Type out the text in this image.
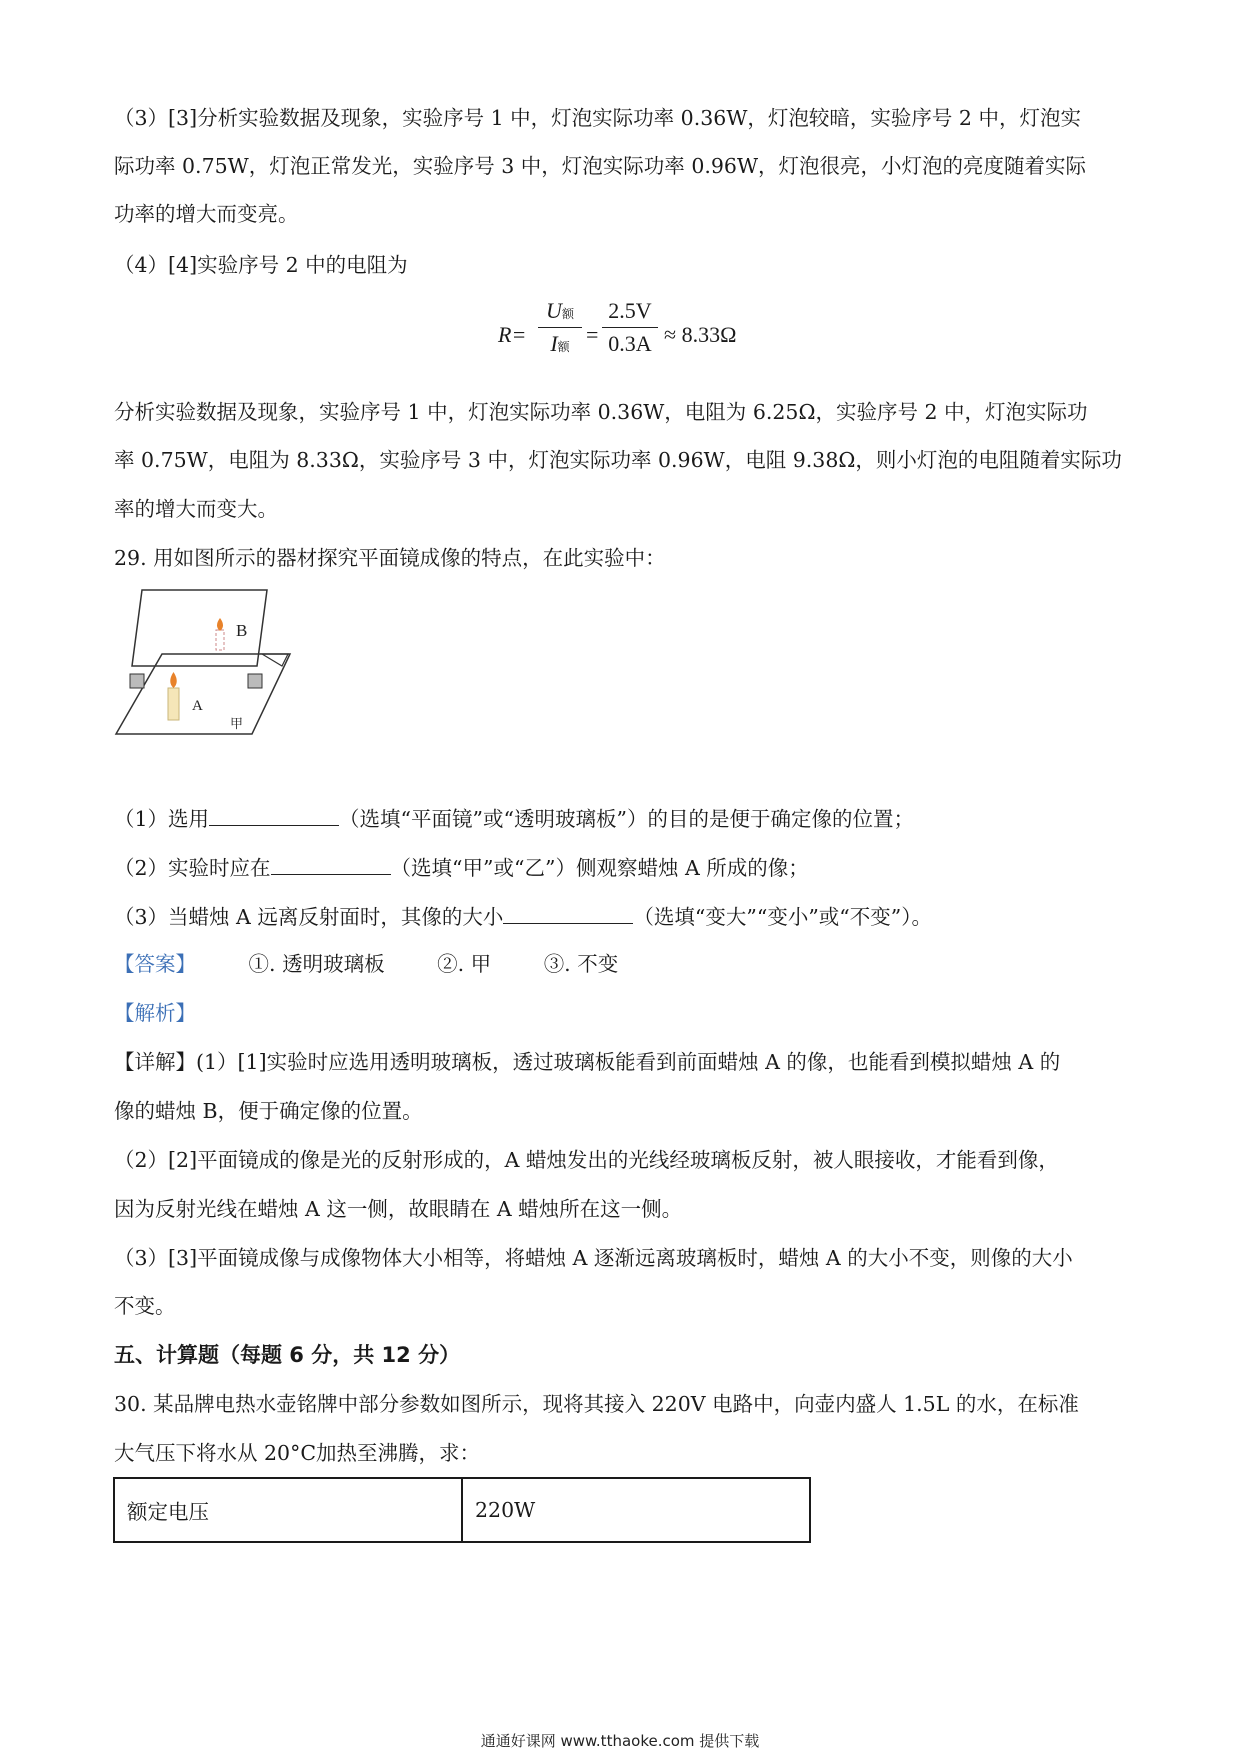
（3）[3]分析实验数据及现象，实验序号 1 中，灯泡实际功率 0.36W，灯泡较暗，实验序号 2 中，灯泡实
际功率 0.75W，灯泡正常发光，实验序号 3 中，灯泡实际功率 0.96W，灯泡很亮，小灯泡的亮度随着实际
功率的增大而变亮。
（4）[4]实验序号 2 中的电阻为
R=
U额
I额 =
2.5V
0.3A ≈ 8.33Ω
分析实验数据及现象，实验序号 1 中，灯泡实际功率 0.36W，电阻为 6.25Ω，实验序号 2 中，灯泡实际功
率 0.75W，电阻为 8.33Ω，实验序号 3 中，灯泡实际功率 0.96W，电阻 9.38Ω，则小灯泡的电阻随着实际功
率的增大而变大。
29. 用如图所示的器材探究平面镜成像的特点，在此实验中：
B
A
甲
（1）选用	（选填“平面镜”或“透明玻璃板”）的目的是便于确定像的位置；
（2）实验时应在	（选填“甲”或“乙”）侧观察蜡烛 A 所成的像；
（3）当蜡烛 A 远离反射面时，其像的大小	（选填“变大”“变小”或“不变”）。
【答案】	①. 透明玻璃板	②. 甲	③. 不变
【解析】
【详解】(1）[1]实验时应选用透明玻璃板，透过玻璃板能看到前面蜡烛 A 的像，也能看到模拟蜡烛 A 的
像的蜡烛 B，便于确定像的位置。
（2）[2]平面镜成的像是光的反射形成的，A 蜡烛发出的光线经玻璃板反射，被人眼接收，才能看到像，
因为反射光线在蜡烛 A 这一侧，故眼睛在 A 蜡烛所在这一侧。
（3）[3]平面镜成像与成像物体大小相等，将蜡烛 A 逐渐远离玻璃板时，蜡烛 A 的大小不变，则像的大小
不变。
五、计算题（每题 6 分，共 12 分）
30. 某品牌电热水壶铭牌中部分参数如图所示，现将其接入 220V 电路中，向壶内盛人 1.5L 的水，在标准
大气压下将水从 20°C加热至沸腾，求：
额定电压	220W
通通好课网 www.tthaoke.com 提供下载
